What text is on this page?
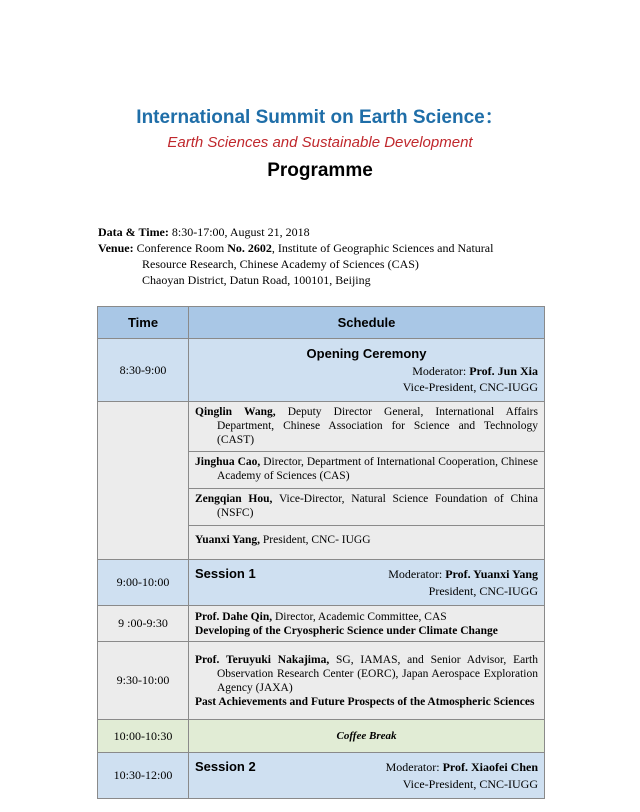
International Summit on Earth Science：
Earth Sciences and Sustainable Development
Programme
Data & Time: 8:30-17:00, August 21, 2018
Venue: Conference Room No. 2602, Institute of Geographic Sciences and Natural
Resource Research, Chinese Academy of Sciences (CAS)
Chaoyan District, Datun Road, 100101, Beijing
Time	Schedule
8:30-9:00	Opening Ceremony
Moderator: Prof. Jun Xia
Vice-President, CNC-IUGG

	Qinglin Wang, Deputy Director General, International Affairs Department, Chinese Association for Science and Technology (CAST)

Jinghua Cao, Director, Department of International Cooperation, Chinese Academy of Sciences (CAS)

Zengqian Hou, Vice-Director, Natural Science Foundation of China (NSFC)

Yuanxi Yang, President, CNC- IUGG

9:00-10:00	Session 1 Moderator: Prof. Yuanxi Yang
President, CNC-IUGG

9 :00-9:30	Prof. Dahe Qin, Director, Academic Committee, CAS

Developing of the Cryospheric Science under Climate Change

9:30-10:00	Prof. Teruyuki Nakajima, SG, IAMAS, and Senior Advisor, Earth Observation Research Center (EORC), Japan Aerospace Exploration Agency (JAXA)

Past Achievements and Future Prospects of the Atmospheric Sciences

10:00-10:30	Coffee Break
10:30-12:00	Session 2 Moderator: Prof. Xiaofei Chen
Vice-President, CNC-IUGG
